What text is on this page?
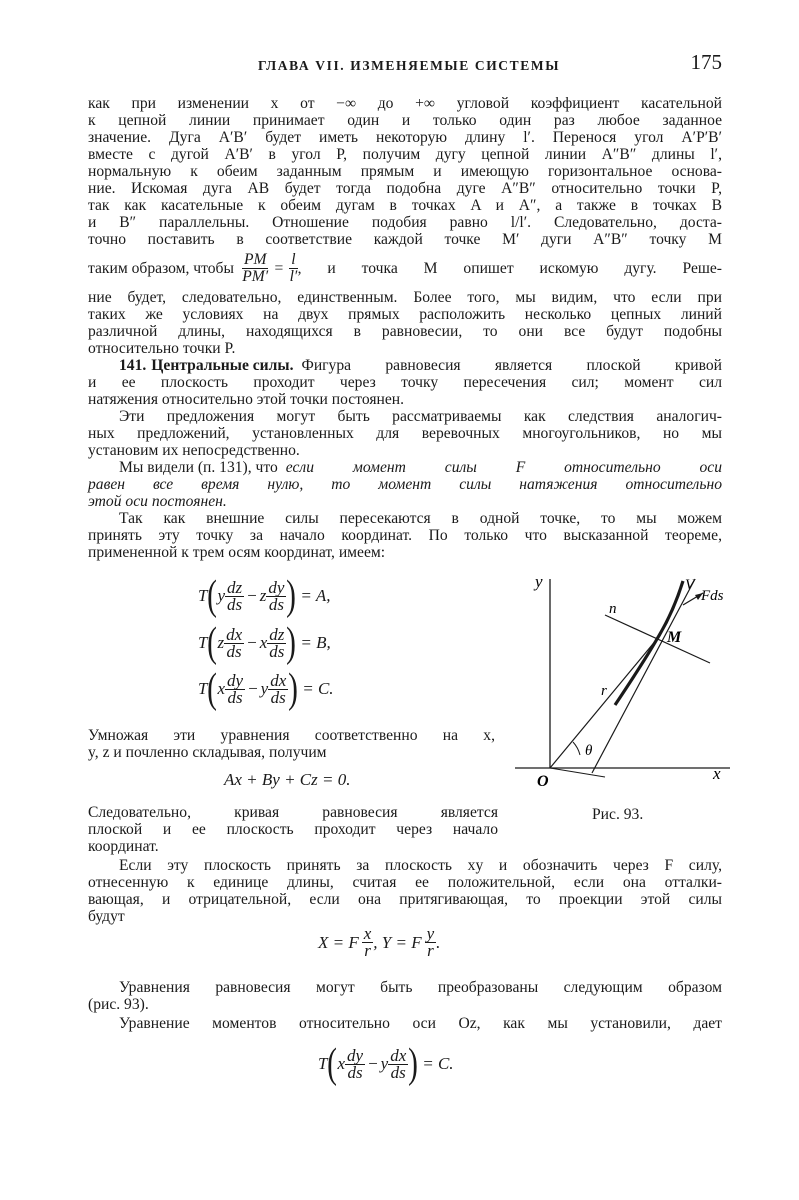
ГЛАВА VII. ИЗМЕНЯЕМЫЕ СИСТЕМЫ	175
как при изменении x от −∞ до +∞ угловой коэффициент касательной
к цепной линии принимает один и только один раз любое заданное
значение. Дуга A′B′ будет иметь некоторую длину l′. Перенося угол A′P′B′
вместе с дугой A′B′ в угол P, получим дугу цепной линии A″B″ длины l′,
нормальную к обеим заданным прямым и имеющую горизонтальное основа-
ние. Искомая дуга AB будет тогда подобна дуге A″B″ относительно точки P,
так как касательные к обеим дугам в точках A и A″, а также в точках B
и B″ параллельны. Отношение подобия равно l/l′. Следовательно, доста-
точно поставить в соответствие каждой точке M′ дуги A″B″ точку M
таким образом, чтобы $\frac{PM}{PM'} = \frac{l}{l'}$ , и точка M опишет искомую дугу. Реше-
ние будет, следовательно, единственным. Более того, мы видим, что если при
таких же условиях на двух прямых расположить несколько цепных линий
различной длины, находящихся в равновесии, то они все будут подобны
относительно точки P.
141. Центральные силы. Фигура равновесия является плоской кривой
и ее плоскость проходит через точку пересечения сил; момент сил
натяжения относительно этой точки постоянен.
Эти предложения могут быть рассматриваемы как следствия аналогич-
ных предложений, установленных для веревочных многоугольников, но мы
установим их непосредственно.
Мы видели (п. 131), что если момент силы F относительно оси
равен все время нулю, то момент силы натяжения относительно
этой оси постоянен.
Так как внешние силы пересекаются в одной точке, то мы можем
принять эту точку за начало координат. По только что высказанной теореме,
примененной к трем осям координат, имеем:
T ( y $\frac{dz}{ds} - z \frac{dy}{ds}$ ) = A,
T ( z $\frac{dx}{ds} - x \frac{dz}{ds}$ ) = B,
T ( x $\frac{dy}{ds} - y \frac{dx}{ds}$ ) = C.
Умножая эти уравнения соответственно на x,
y, z и почленно складывая, получим
Ax + By + Cz = 0.
Следовательно, кривая равновесия является
плоской и ее плоскость проходит через начало
координат.
y
x
O
n
M
r
θ
V
Fds
Рис. 93.
Если эту плоскость принять за плоскость xy и обозначить через F силу,
отнесенную к единице длины, считая ее положительной, если она отталки-
вающая, и отрицательной, если она притягивающая, то проекции этой силы
будут
X = F $\frac{x}{r}$ , Y = F $\frac{y}{r}$ .
Уравнения равновесия могут быть преобразованы следующим образом
(рис. 93).
Уравнение моментов относительно оси Oz, как мы установили, дает
T ( x $\frac{dy}{ds} - y \frac{dx}{ds}$ ) = C.
